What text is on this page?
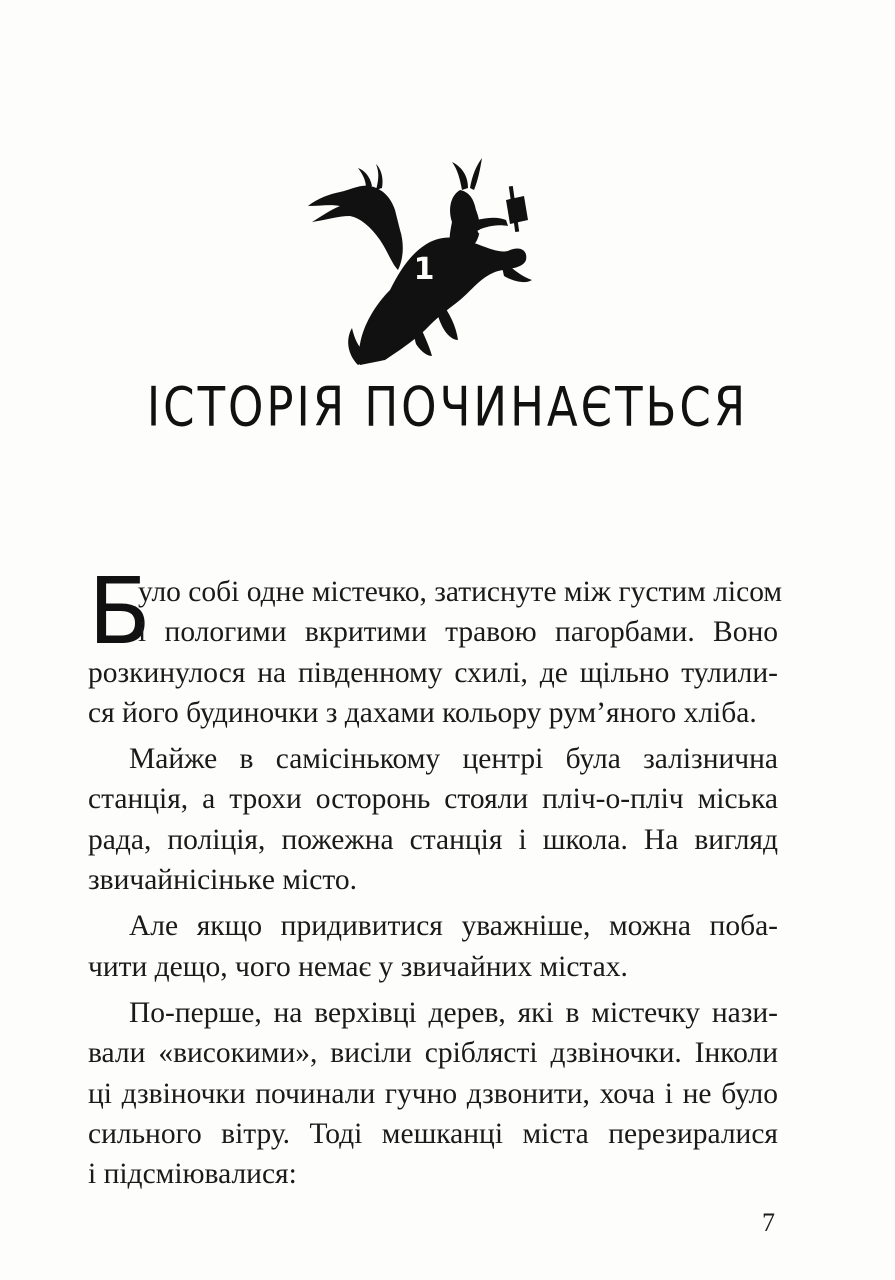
1
ІСТОРІЯ ПОЧИНАЄТЬСЯ
Б
уло собі одне містечко, затиснуте між густим лісом
і пологими вкритими травою пагорбами. Воно
розкинулося на південному схилі, де щільно тулили-
ся його будиночки з дахами кольору рум’яного хліба.
Майже в самісінькому центрі була залізнична
станція, а трохи осторонь стояли пліч-о-пліч міська
рада, поліція, пожежна станція і школа. На вигляд
звичайнісінькe місто.
Але якщо придивитися уважніше, можна поба-
чити дещо, чого немає у звичайних містах.
По-перше, на верхівці дерев, які в містечку нази-
вали «високими», висіли сріблясті дзвіночки. Інколи
ці дзвіночки починали гучно дзвонити, хоча і не було
сильного вітру. Тоді мешканці міста перезиралися
і підсміювалися:
7
